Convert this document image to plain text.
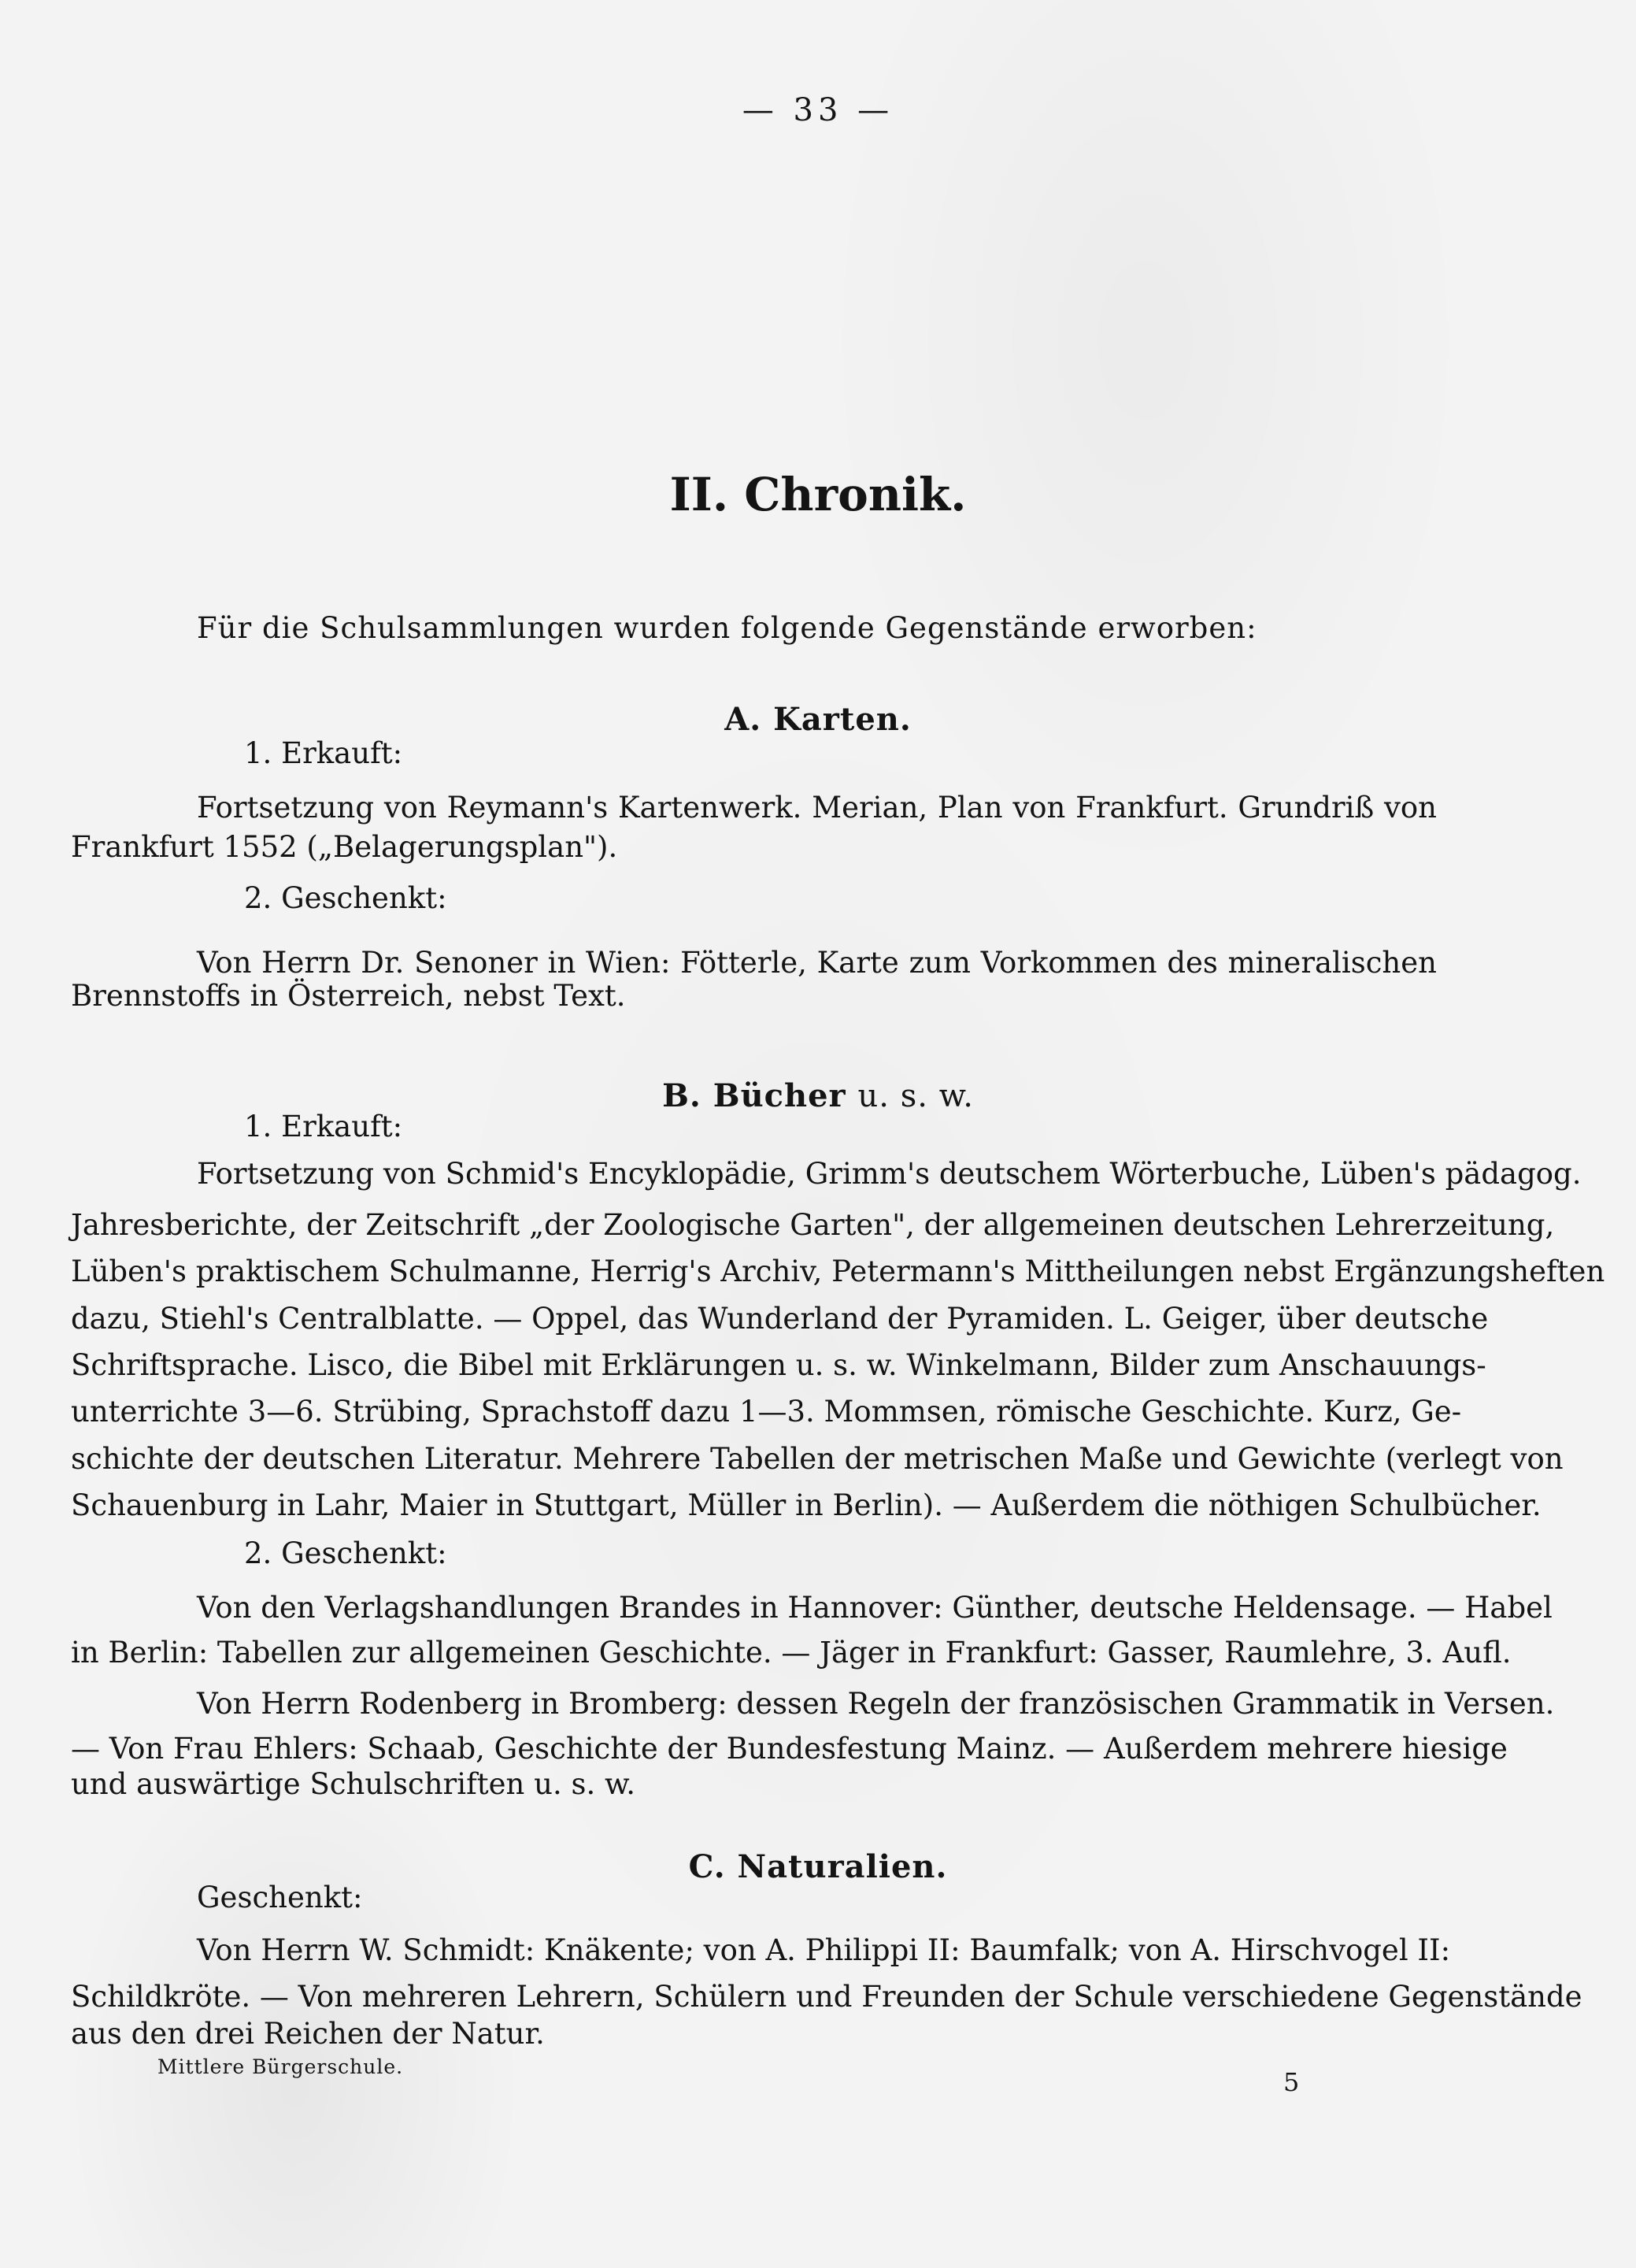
— 33 —
II. Chronik.
Für die Schulsammlungen wurden folgende Gegenstände erworben:
A. Karten.
1. Erkauft:
Fortsetzung von Reymann's Kartenwerk. Merian, Plan von Frankfurt. Grundriß von
Frankfurt 1552 („Belagerungsplan").
2. Geschenkt:
Von Herrn Dr. Senoner in Wien: Fötterle, Karte zum Vorkommen des mineralischen
Brennstoffs in Österreich, nebst Text.
B. Bücher u. s. w.
1. Erkauft:
Fortsetzung von Schmid's Encyklopädie, Grimm's deutschem Wörterbuche, Lüben's pädagog.
Jahresberichte, der Zeitschrift „der Zoologische Garten", der allgemeinen deutschen Lehrerzeitung,
Lüben's praktischem Schulmanne, Herrig's Archiv, Petermann's Mittheilungen nebst Ergänzungsheften
dazu, Stiehl's Centralblatte. — Oppel, das Wunderland der Pyramiden. L. Geiger, über deutsche
Schriftsprache. Lisco, die Bibel mit Erklärungen u. s. w. Winkelmann, Bilder zum Anschauungs-
unterrichte 3—6. Strübing, Sprachstoff dazu 1—3. Mommsen, römische Geschichte. Kurz, Ge-
schichte der deutschen Literatur. Mehrere Tabellen der metrischen Maße und Gewichte (verlegt von
Schauenburg in Lahr, Maier in Stuttgart, Müller in Berlin). — Außerdem die nöthigen Schulbücher.
2. Geschenkt:
Von den Verlagshandlungen Brandes in Hannover: Günther, deutsche Heldensage. — Habel
in Berlin: Tabellen zur allgemeinen Geschichte. — Jäger in Frankfurt: Gasser, Raumlehre, 3. Aufl.
Von Herrn Rodenberg in Bromberg: dessen Regeln der französischen Grammatik in Versen.
— Von Frau Ehlers: Schaab, Geschichte der Bundesfestung Mainz. — Außerdem mehrere hiesige
und auswärtige Schulschriften u. s. w.
C. Naturalien.
Geschenkt:
Von Herrn W. Schmidt: Knäkente; von A. Philippi II: Baumfalk; von A. Hirschvogel II:
Schildkröte. — Von mehreren Lehrern, Schülern und Freunden der Schule verschiedene Gegenstände
aus den drei Reichen der Natur.
Mittlere Bürgerschule.
5
